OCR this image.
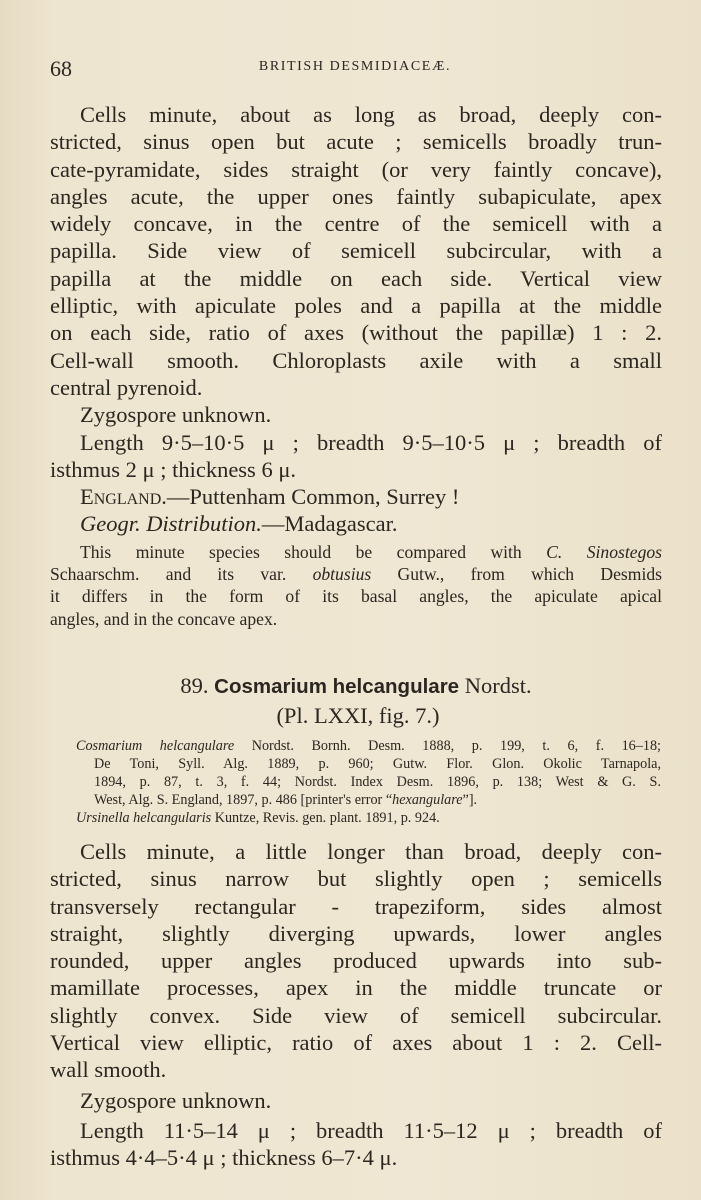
68	BRITISH DESMIDIACEÆ.
Cells minute, about as long as broad, deeply con-
stricted, sinus open but acute ; semicells broadly trun-
cate-pyramidate, sides straight (or very faintly concave),
angles acute, the upper ones faintly subapiculate, apex
widely concave, in the centre of the semicell with a
papilla. Side view of semicell subcircular, with a
papilla at the middle on each side. Vertical view
elliptic, with apiculate poles and a papilla at the middle
on each side, ratio of axes (without the papillæ) 1 : 2.
Cell-wall smooth. Chloroplasts axile with a small
central pyrenoid.
Zygospore unknown.
Length 9·5–10·5 μ ; breadth 9·5–10·5 μ ; breadth of
isthmus 2 μ ; thickness 6 μ.
England.—Puttenham Common, Surrey !
Geogr. Distribution.—Madagascar.
This minute species should be compared with C. Sinostegos
Schaarschm. and its var. obtusius Gutw., from which Desmids
it differs in the form of its basal angles, the apiculate apical
angles, and in the concave apex.
89. Cosmarium helcangulare Nordst.
(Pl. LXXI, fig. 7.)
Cosmarium helcangulare Nordst. Bornh. Desm. 1888, p. 199, t. 6, f. 16–18;
De Toni, Syll. Alg. 1889, p. 960; Gutw. Flor. Glon. Okolic Tarnapola,
1894, p. 87, t. 3, f. 44; Nordst. Index Desm. 1896, p. 138; West & G. S.
West, Alg. S. England, 1897, p. 486 [printer's error “hexangulare”].
Ursinella helcangularis Kuntze, Revis. gen. plant. 1891, p. 924.
Cells minute, a little longer than broad, deeply con-
stricted, sinus narrow but slightly open ; semicells
transversely rectangular - trapeziform, sides almost
straight, slightly diverging upwards, lower angles
rounded, upper angles produced upwards into sub-
mamillate processes, apex in the middle truncate or
slightly convex. Side view of semicell subcircular.
Vertical view elliptic, ratio of axes about 1 : 2. Cell-
wall smooth.
Zygospore unknown.
Length 11·5–14 μ ; breadth 11·5–12 μ ; breadth of
isthmus 4·4–5·4 μ ; thickness 6–7·4 μ.
